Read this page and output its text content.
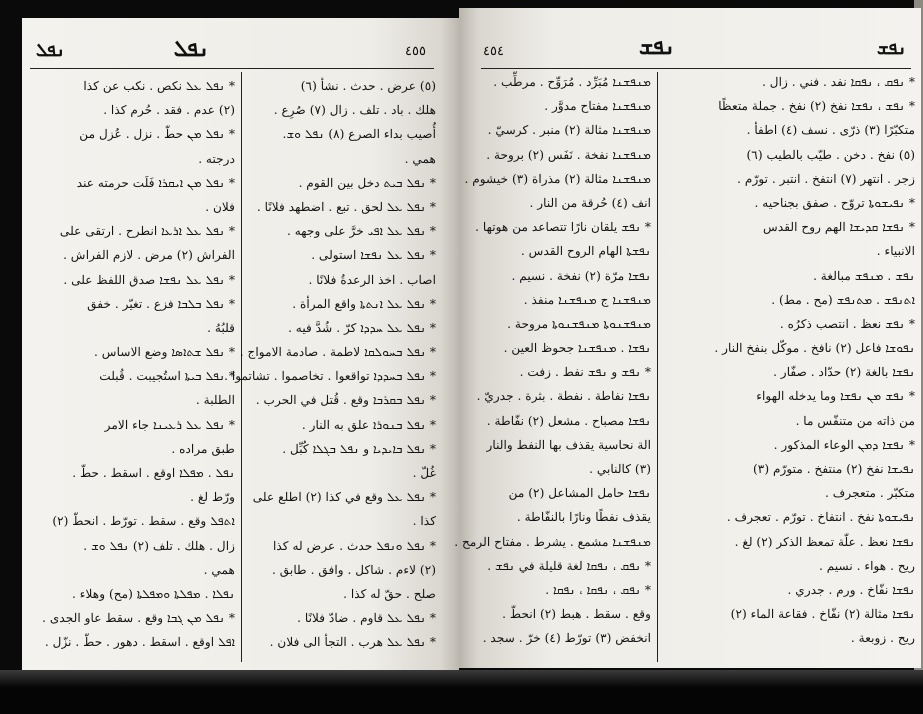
ܢܦܠ
ܢܦܠ	٤٥٥
(٥) عرض . حدث . نشأ (٦)
هلك . باد . تلف . زال (٧) صُرِع .
أُصيب بداء الصرع (٨) ܢܦܠ ܘܫ‌.
همي .
* ܢܦܠ ܒܝܬ دخل بين القوم .
* ܢܦܠ ܥܠ لحق . تبع . اضطهد فلانًا .
* ܢܦܠ ܥܠ ܐܦܝ خرَّ على وجهه .
* ܢܦܠ ܥܠ ܢܦܫܐ استولى .
اصاب . اخذ الرعدةُ فلانًا .
* ܢܦܠ ܥܠ ܐܢܬܬܐ واقع المرأة .
* ܢܦܠ ܥܠ ܚܕܕܐ كرّ . شُدَّ فيه .
* ܢܦܠ ܒܚܘܠܩܐ لاطمة . صادمة الامواج .
* ܢܦܠ ܒܚܕܕܐ تواقعوا . تخاصموا . تشاتموا .
* ܢܦܠ ܒܩܪܒܐ وقع . قُتل في الحرب .
* ܢܦܠ ܒܢܘܪܐ علق به النار .
* ܢܦܠ ܒܐܝܕܝܐ و ܢܦܠ ܒܓܠܐ كُبِّل .
غُلّ .
* ܢܦܠ ܥܠ وقع في كذا (٢) اطلع على
كذا .
* ܢܦܠ ܘܢܦܠ حدث . عرض له كذا
(٢) لاءم . شاكل . وافق . طابق .
صلح . حقّ له كذا .
* ܢܦܠ ܥܠ قاوم . ضادّ فلانًا .
* ܢܦܠ ܥܠ هرب . التجأ الى فلان .
* ܢܦܠ ܥܠ نكص . نكب عن كذا
(٢) عدم . فقد . حُرم كذا .
* ܢܦܠ ܡܢ حطّ . نزل . عُزل من
درجته .
* ܢܦܠ ܡܢ ܐܝܩܪܐ فَلَت حرمته عند
فلان .
* ܢܦܠ ܥܠ ܐܪܥܐ انطرح . ارتقى على
الفراش (٢) مرض . لازم الفراش .
* ܢܦܠ ܥܠ ܢܦܫܐ صدق اللفظ على .
* ܢܦܠ ܒܠܒܐ فزع . تغيّر . خفق
قلبُهُ .
* ܢܦܠ ܫܬܐܣܐ وضع الاساس .
* ܢܦܠ ܒܝܬܐ استُجيبت . قُبلت
الطلبة .
* ܢܦܠ ܥܠ ܪܥܝܢܐ جاء الامر
طبق مراده .
ܢܦܠ . ܡܦܠܐ اوقع . اسقط . حطّ .
ورّط لغ .
ܐܬܦܠ وقع . سقط . تورّط . انحطّ (٢)
زال . هلك . تلف (٢) ܢܦܠ ܘܫ .
همي .
ܢܦܠܐ . ܡܦܠܬܐ ܘܡܦܠܬܐ (مح) وهلاء .
* ܢܦܠ ܡܢ ܓܒܐ وقع . سقط عاو الجدى .
ܐܦܠ اوقع . اسقط . دهور . حطّ . نزّل .
ܢܦܫ
ܢܦܫ
٤٥٤
* ܢܦܩ ، ܢܦܩܐ نفد . فني . زال .
* ܢܦܫ ، ܢܦܫܐ نفخ (٢) نفخ . جملة متعظًا
متكبّرًا (٣) ذرّى . نسف (٤) اطفأ .
(٥) نفخ . دخن . طيّب بالطيب (٦)
زجر . انتهر (٧) انتفخ . انتبر . تورّم .
* ܢܦܝܫܘܬܐ تروّح . صفق بجناحيه .
* ܢܦܫܐ ܩܕܝܫܐ الهم روح القدس
الانبياء .
ܢܦܫ . ܡܢܦܫ مبالغة .
ܐܬܢܦܫ . ܡܬܢܦܫ (مح . مط) .
* ܢܦܫ نعظ . انتصب ذكرُه .
ܢܦܘܫܐ فاعل (٢) نافخ . موكّل بنفخ النار .
ܢܦܫܐ بالغة (٢) حدّاد . صفّار .
* ܢܦܫ ܡܢ ܢܦܫܐ وما يدخله الهواء
من ذاته من متنفّس ما .
* ܢܦܫܐ ܕܡܢ الوعاء المذكور .
ܢܦܝܫܐ نفخ (٢) منتفخ . متورّم (٣)
متكبّر . متعجرف .
ܢܦܝܫܘܬܐ نفخ . انتفاخ . تورّم . تعجرف .
ܢܦܫܐ نعظ . علّة تمعظ الذكر (٢) لغ .
ريح . هواء . نسيم .
ܢܦܫܐ نفّاخ . ورم . جدري .
ܢܦܫܐ مثالة (٢) نفّاخ . فقاعة الماء (٢)
ريح . زوبعة .
ܡܢܦܫܢܐ مُبَرِّد . مُرَوِّح . مرطِّب .
ܡܢܦܫܢܐ مفتاح مدوَّر .
ܡܢܦܫܢܐ مثالة (٢) منبر . كرسيّ .
ܡܢܦܫܢܐ نفخة . نَفَس (٢) بروحة .
ܡܢܦܫܢܐ مثالة (٢) مذراة (٣) خيشوم .
انف (٤) حُرقة من النار .
* ܢܦܫ يلقان نارًا تتصاعد من هوتها .
ܢܦܫܬܐ الهام الروح القدس .
ܢܦܫܐ مرّة (٢) نفخة . نسيم .
ܡܢܦܫܢܐ ج ܡܢܦܫܢܐ منفذ .
ܡܢܦܫܢܘܬܐ ܡܢܦܫܢܘܬܐ مروحة .
ܢܦܫܐ . ܡܢܦܫܢܐ جحوظ العين .
* ܢܦܫ و ܢܦܫ نفط . زفت .
ܢܦܫܐ نفاطة . نفطة . بثرة . جدريّ .
ܢܦܫܐ مصباح . مشعل (٢) نفّاطة .
الة نحاسية يقذف بها النفط والنار
(٣) كالنابي .
ܢܦܫܐ حامل المشاعل (٢) من
يقذف نفطًا ونارًا بالنفّاطة .
ܡܢܦܫܢܐ مشمع . يشرط . مفتاح الرمح .
* ܢܦܩ ، ܢܦܩܐ لغة قليلة في ܢܦܫ .
* ܢܦܩ ، ܢܦܩܐ ، ܢܦܩܐ .
وقع . سقط . هبط (٢) انحطّ .
انخفض (٣) تورّط (٤) خرّ . سجد .
